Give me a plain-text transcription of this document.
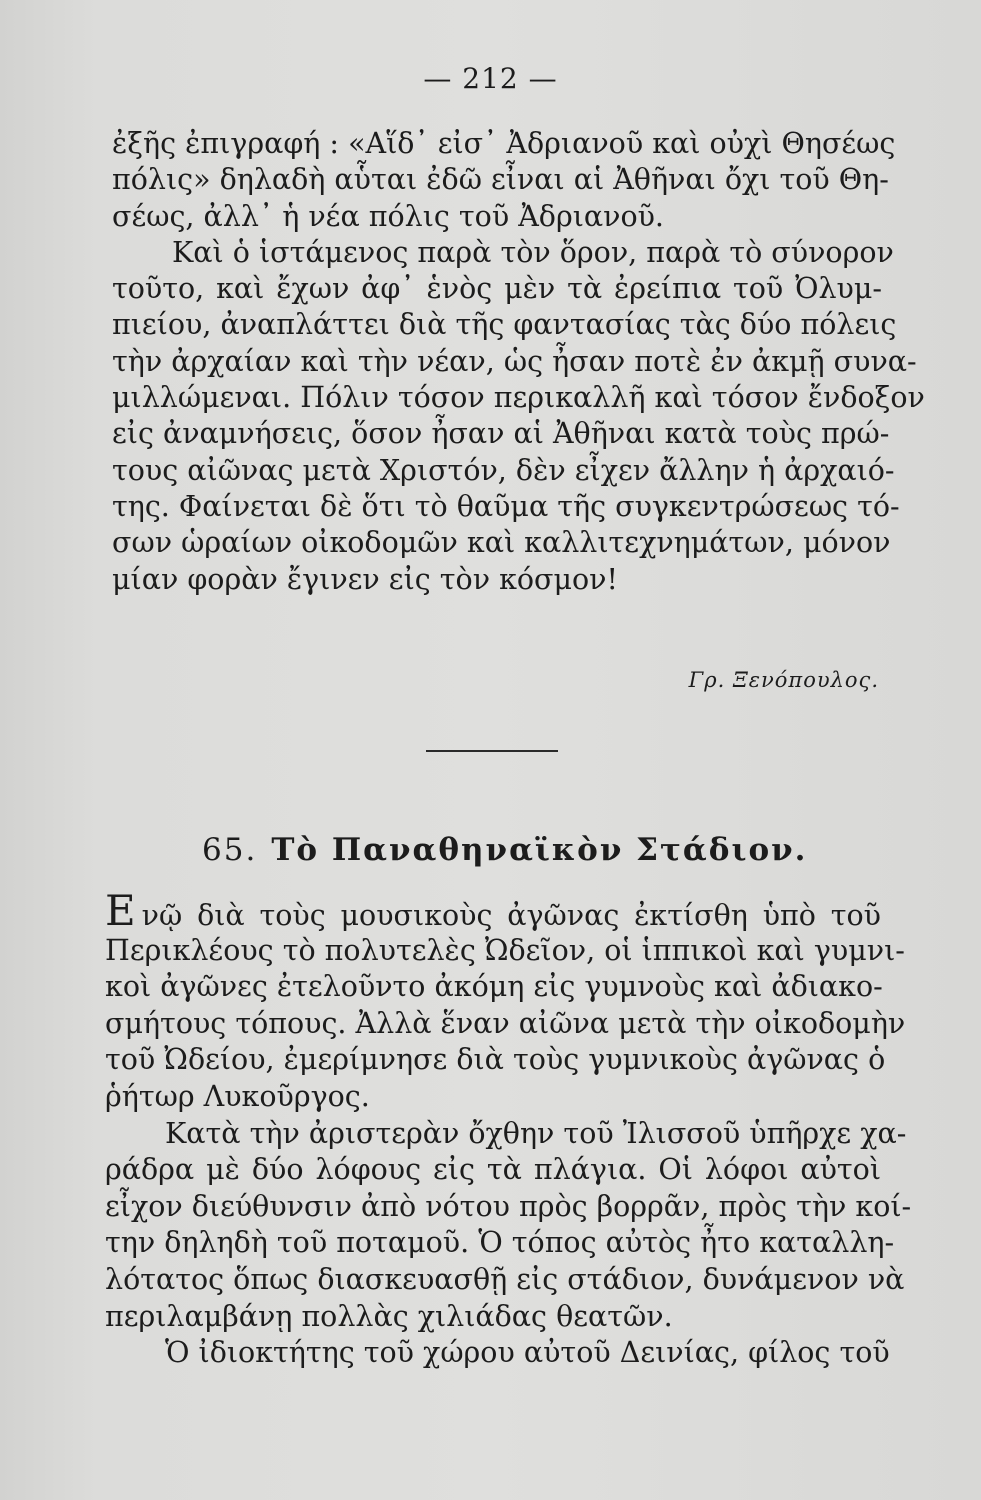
— 212 —
ἐξῆς ἐπιγραφή : «Αἵδ᾽ εἰσ᾽ Ἀδριανοῦ καὶ οὐχὶ Θησέως
πόλις» δηλαδὴ αὗται ἐδῶ εἶναι αἱ Ἀθῆναι ὄχι τοῦ Θη-
σέως, ἀλλ᾽ ἡ νέα πόλις τοῦ Ἀδριανοῦ.
Καὶ ὁ ἱστάμενος παρὰ τὸν ὅρον, παρὰ τὸ σύνορον
τοῦτο, καὶ ἔχων ἀφ᾽ ἑνὸς μὲν τὰ ἐρείπια τοῦ Ὀλυμ-
πιείου, ἀναπλάττει διὰ τῆς φαντασίας τὰς δύο πόλεις
τὴν ἀρχαίαν καὶ τὴν νέαν, ὡς ἦσαν ποτὲ ἐν ἀκμῇ συνα-
μιλλώμεναι. Πόλιν τόσον περικαλλῆ καὶ τόσον ἔνδοξον
εἰς ἀναμνήσεις, ὅσον ἦσαν αἱ Ἀθῆναι κατὰ τοὺς πρώ-
τους αἰῶνας μετὰ Χριστόν, δὲν εἶχεν ἄλλην ἡ ἀρχαιό-
της. Φαίνεται δὲ ὅτι τὸ θαῦμα τῆς συγκεντρώσεως τό-
σων ὡραίων οἰκοδομῶν καὶ καλλιτεχνημάτων, μόνον
μίαν φορὰν ἔγινεν εἰς τὸν κόσμον!
Γρ. Ξενόπουλος.
65. Τὸ Παναθηναϊκὸν Στάδιον.
Ε νῷ διὰ τοὺς μουσικοὺς ἀγῶνας ἐκτίσθη ὑπὸ τοῦ
Περικλέους τὸ πολυτελὲς Ὠδεῖον, οἱ ἱππικοὶ καὶ γυμνι-
κοὶ ἀγῶνες ἐτελοῦντο ἀκόμη εἰς γυμνοὺς καὶ ἀδιακο-
σμήτους τόπους. Ἀλλὰ ἕναν αἰῶνα μετὰ τὴν οἰκοδομὴν
τοῦ Ὠδείου, ἐμερίμνησε διὰ τοὺς γυμνικοὺς ἀγῶνας ὁ
ῥήτωρ Λυκοῦργος.
Κατὰ τὴν ἀριστερὰν ὄχθην τοῦ Ἰλισσοῦ ὑπῆρχε χα-
ράδρα μὲ δύο λόφους εἰς τὰ πλάγια. Οἱ λόφοι αὐτοὶ
εἶχον διεύθυνσιν ἀπὸ νότου πρὸς βορρᾶν, πρὸς τὴν κοί-
την δηληδὴ τοῦ ποταμοῦ. Ὁ τόπος αὐτὸς ἦτο καταλλη-
λότατος ὅπως διασκευασθῇ εἰς στάδιον, δυνάμενον νὰ
περιλαμβάνῃ πολλὰς χιλιάδας θεατῶν.
Ὁ ἰδιοκτήτης τοῦ χώρου αὐτοῦ Δεινίας, φίλος τοῦ
